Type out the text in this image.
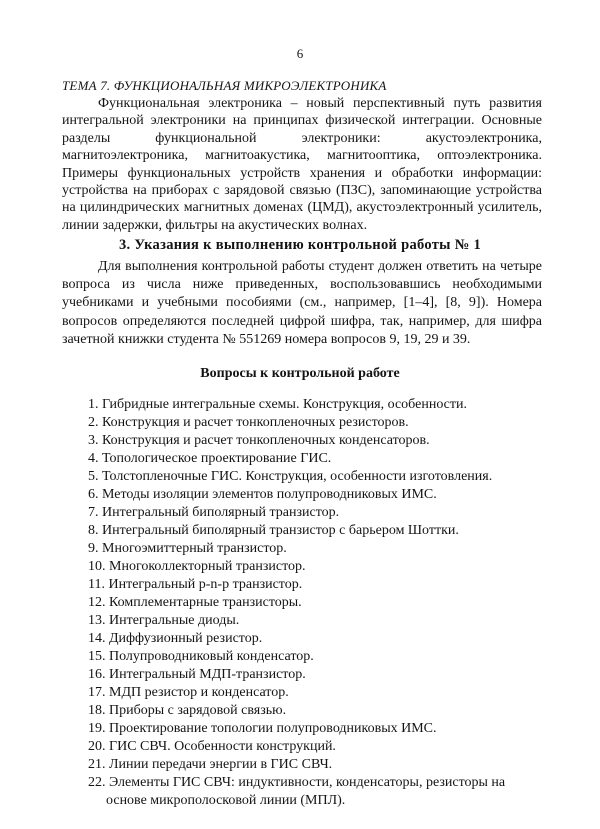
6
ТЕМА 7. ФУНКЦИОНАЛЬНАЯ МИКРОЭЛЕКТРОНИКА

Функциональная электроника – новый перспективный путь развития интегральной электроники на принципах физической интеграции. Основные разделы функциональной электроники: акустоэлектроника, магнитоэлектроника, магнитоакустика, магнитооптика, оптоэлектроника. Примеры функциональных устройств хранения и обработки информации: устройства на приборах с зарядовой связью (ПЗС), запоминающие устройства на цилиндрических магнитных доменах (ЦМД), акустоэлектронный усилитель, линии задержки, фильтры на акустических волнах.

3. Указания к выполнению контрольной работы № 1

Для выполнения контрольной работы студент должен ответить на четыре вопроса из числа ниже приведенных, воспользовавшись необходимыми учебниками и учебными пособиями (см., например, [1–4], [8, 9]). Номера вопросов определяются последней цифрой шифра, так, например, для шифра зачетной книжки студента № 551269 номера вопросов 9, 19, 29 и 39.

Вопросы к контрольной работе
1. Гибридные интегральные схемы. Конструкция, особенности.
2. Конструкция и расчет тонкопленочных резисторов.
3. Конструкция и расчет тонкопленочных конденсаторов.
4. Топологическое проектирование ГИС.
5. Толстопленочные ГИС. Конструкция, особенности изготовления.
6. Методы изоляции элементов полупроводниковых ИМС.
7. Интегральный биполярный транзистор.
8. Интегральный биполярный транзистор с барьером Шоттки.
9. Многоэмиттерный транзистор.
10. Многоколлекторный транзистор.
11. Интегральный p-n-p транзистор.
12. Комплементарные транзисторы.
13. Интегральные диоды.
14. Диффузионный резистор.
15. Полупроводниковый конденсатор.
16. Интегральный МДП-транзистор.
17. МДП резистор и конденсатор.
18. Приборы с зарядовой связью.
19. Проектирование топологии полупроводниковых ИМС.
20. ГИС СВЧ. Особенности конструкций.
21. Линии передачи энергии в ГИС СВЧ.
22. Элементы ГИС СВЧ: индуктивности, конденсаторы, резисторы на основе микрополосковой линии (МПЛ).
